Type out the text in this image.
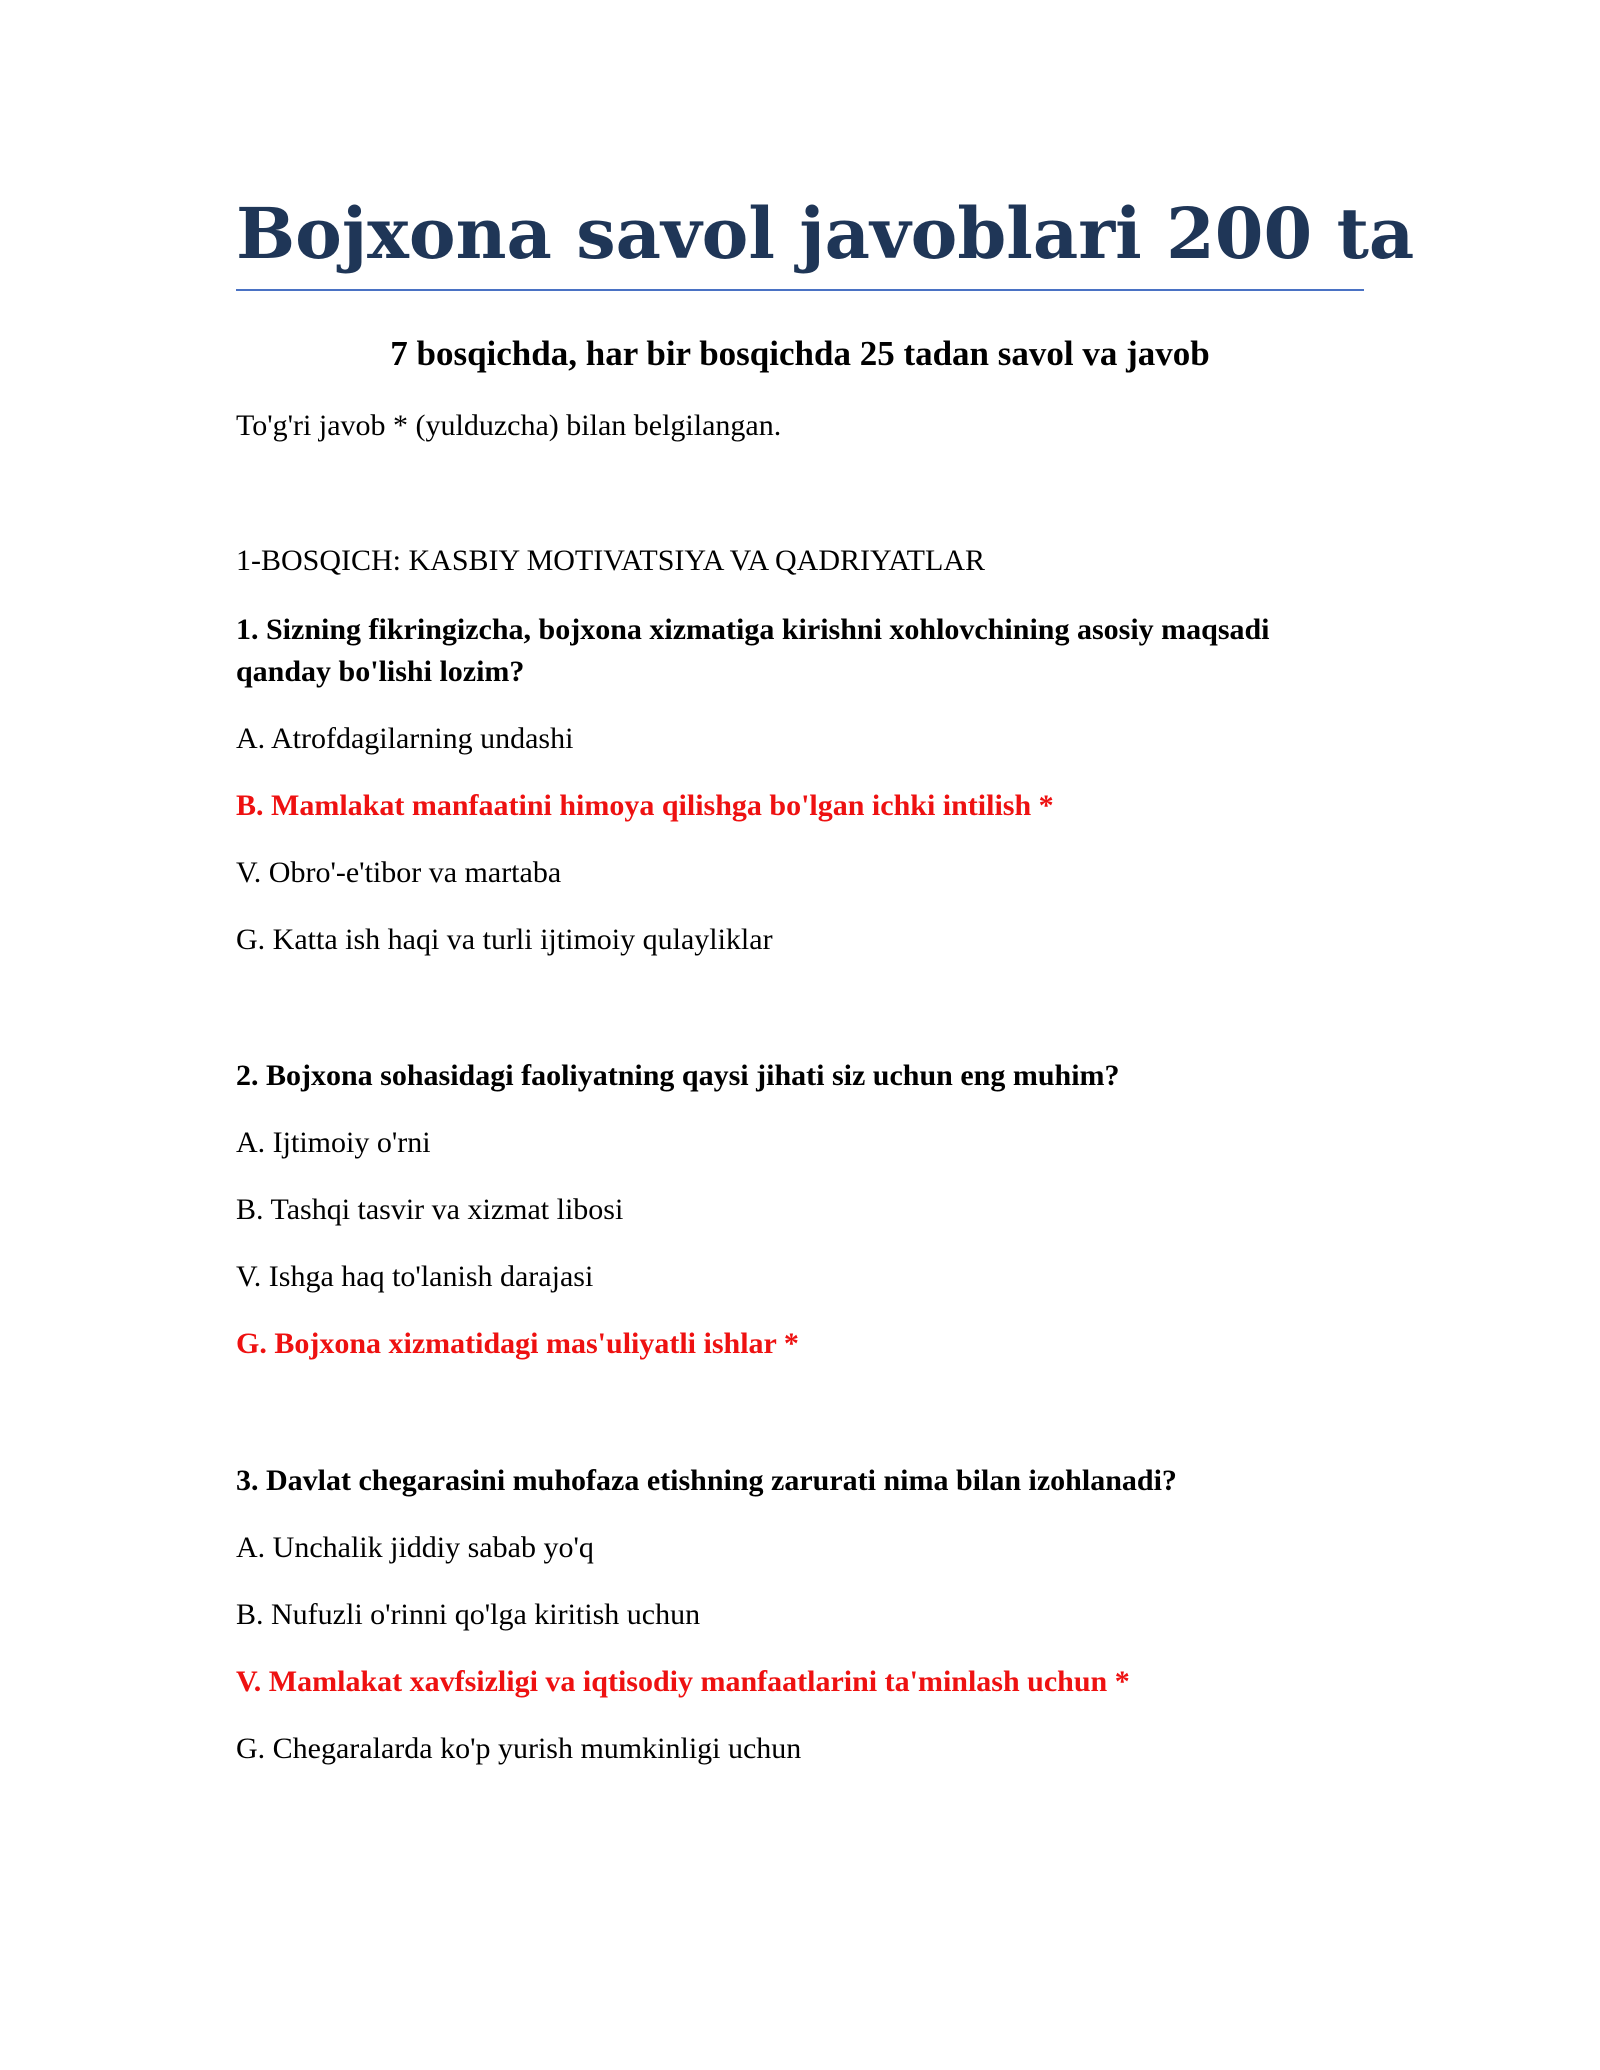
Bojxona savol javoblari 200 ta
7 bosqichda, har bir bosqichda 25 tadan savol va javob

To'g'ri javob * (yulduzcha) bilan belgilangan.

1-BOSQICH: KASBIY MOTIVATSIYA VA QADRIYATLAR

1. Sizning fikringizcha, bojxona xizmatiga kirishni xohlovchining asosiy maqsadi qanday bo'lishi lozim?

A. Atrofdagilarning undashi

B. Mamlakat manfaatini himoya qilishga bo'lgan ichki intilish *

V. Obro'-e'tibor va martaba

G. Katta ish haqi va turli ijtimoiy qulayliklar

2. Bojxona sohasidagi faoliyatning qaysi jihati siz uchun eng muhim?

A. Ijtimoiy o'rni

B. Tashqi tasvir va xizmat libosi

V. Ishga haq to'lanish darajasi

G. Bojxona xizmatidagi mas'uliyatli ishlar *

3. Davlat chegarasini muhofaza etishning zarurati nima bilan izohlanadi?

A. Unchalik jiddiy sabab yo'q

B. Nufuzli o'rinni qo'lga kiritish uchun

V. Mamlakat xavfsizligi va iqtisodiy manfaatlarini ta'minlash uchun *

G. Chegaralarda ko'p yurish mumkinligi uchun
